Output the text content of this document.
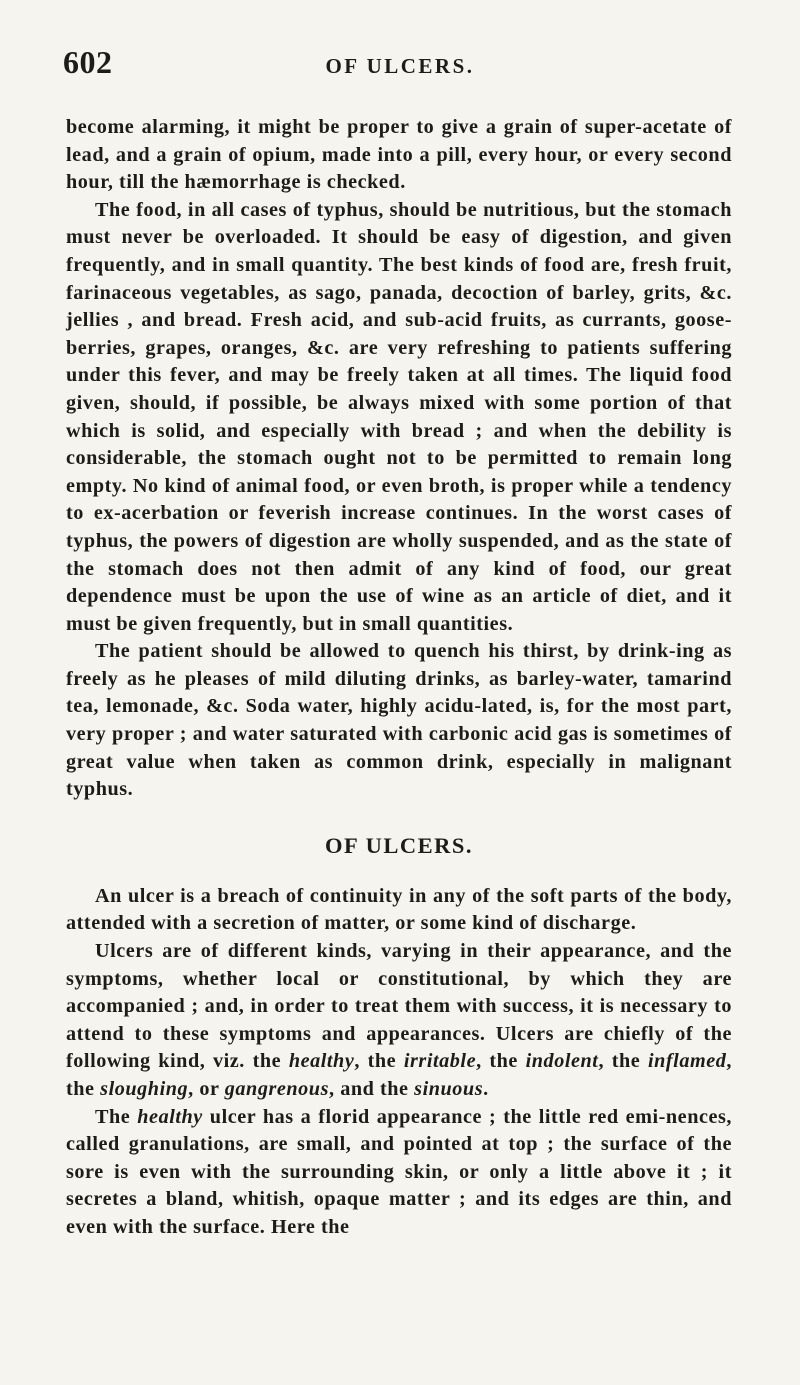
602	OF ULCERS.

become alarming, it might be proper to give a grain of super-acetate of lead, and a grain of opium, made into a pill, every hour, or every second hour, till the hæmorrhage is checked.

The food, in all cases of typhus, should be nutritious, but the stomach must never be overloaded. It should be easy of digestion, and given frequently, and in small quantity. The best kinds of food are, fresh fruit, farinaceous vegetables, as sago, panada, decoction of barley, grits, &c. jellies , and bread. Fresh acid, and sub-acid fruits, as currants, goose-berries, grapes, oranges, &c. are very refreshing to patients suffering under this fever, and may be freely taken at all times. The liquid food given, should, if possible, be always mixed with some portion of that which is solid, and especially with bread ; and when the debility is considerable, the stomach ought not to be permitted to remain long empty. No kind of animal food, or even broth, is proper while a tendency to ex-acerbation or feverish increase continues. In the worst cases of typhus, the powers of digestion are wholly suspended, and as the state of the stomach does not then admit of any kind of food, our great dependence must be upon the use of wine as an article of diet, and it must be given frequently, but in small quantities.

The patient should be allowed to quench his thirst, by drink-ing as freely as he pleases of mild diluting drinks, as barley-water, tamarind tea, lemonade, &c. Soda water, highly acidu-lated, is, for the most part, very proper ; and water saturated with carbonic acid gas is sometimes of great value when taken as common drink, especially in malignant typhus.

OF ULCERS.

An ulcer is a breach of continuity in any of the soft parts of the body, attended with a secretion of matter, or some kind of discharge.

Ulcers are of different kinds, varying in their appearance, and the symptoms, whether local or constitutional, by which they are accompanied ; and, in order to treat them with success, it is necessary to attend to these symptoms and appearances. Ulcers are chiefly of the following kind, viz. the healthy, the irritable, the indolent, the inflamed, the sloughing, or gangrenous, and the sinuous.

The healthy ulcer has a florid appearance ; the little red emi-nences, called granulations, are small, and pointed at top ; the surface of the sore is even with the surrounding skin, or only a little above it ; it secretes a bland, whitish, opaque matter ; and its edges are thin, and even with the surface. Here the
